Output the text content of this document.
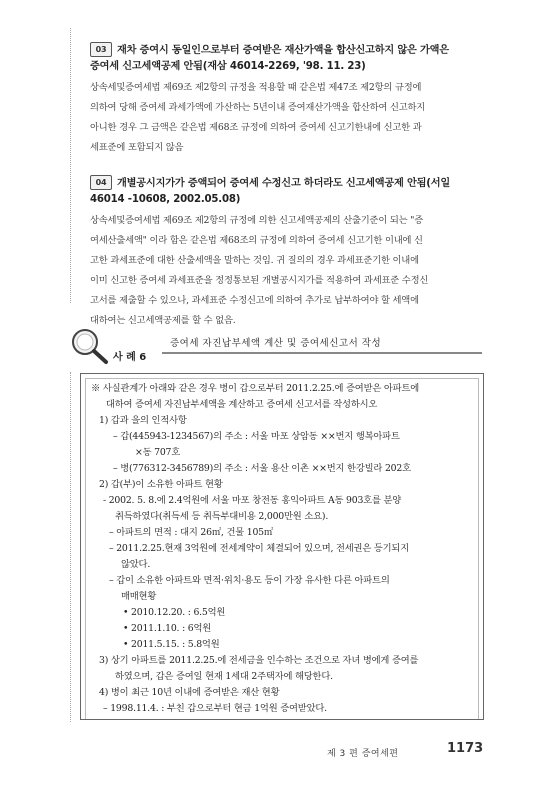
03 재차 증여시 동일인으로부터 증여받은 재산가액을 합산신고하지 않은 가액은
증여세 신고세액공제 안됨(재삼 46014-2269, '98. 11. 23)
상속세및증여세법 제69조 제2항의 규정을 적용할 때 같은법 제47조 제2항의 규정에
의하여 당해 증여세 과세가액에 가산하는 5년이내 증여재산가액을 합산하여 신고하지
아니한 경우 그 금액은 같은법 제68조 규정에 의하여 증여세 신고기한내에 신고한 과
세표준에 포함되지 않음
04 개별공시지가가 증액되어 증여세 수정신고 하더라도 신고세액공제 안됨(서일
46014 -10608, 2002.05.08)
상속세및증여세법 제69조 제2항의 규정에 의한 신고세액공제의 산출기준이 되는 "증
여세산출세액" 이라 함은 같은법 제68조의 규정에 의하여 증여세 신고기한 이내에 신
고한 과세표준에 대한 산출세액을 말하는 것임. 귀 질의의 경우 과세표준기한 이내에
이미 신고한 증여세 과세표준을 정정통보된 개별공시지가를 적용하여 과세표준 수정신
고서를 제출할 수 있으나, 과세표준 수정신고에 의하여 추가로 납부하여야 할 세액에
대하여는 신고세액공제를 할 수 없음.
증여세 자진납부세액 계산 및 증여세신고서 작성
사 례 6
※ 사실관계가 아래와 같은 경우 병이 갑으로부터 2011.2.25.에 증여받은 아파트에
대하여 증여세 자진납부세액을 계산하고 증여세 신고서를 작성하시오
1) 갑과 을의 인적사항
– 갑(445943-1234567)의 주소 : 서울 마포 상암동 ××번지 행복아파트
×동 707호
– 병(776312-3456789)의 주소 : 서울 용산 이촌 ××번지 한강빌라 202호
2) 갑(부)이 소유한 아파트 현황
- 2002. 5. 8.에 2.4억원에 서울 마포 창전동 홍익아파트 A동 903호를 분양
취득하였다(취득세 등 취득부대비용 2,000만원 소요).
– 아파트의 면적 : 대지 26㎡, 건물 105㎡
– 2011.2.25.현재 3억원에 전세계약이 체결되어 있으며, 전세권은 등기되지
않았다.
– 갑이 소유한 아파트와 면적·위치·용도 등이 가장 유사한 다른 아파트의
매매현황
• 2010.12.20. : 6.5억원
• 2011.1.10. : 6억원
• 2011.5.15. : 5.8억원
3) 상기 아파트를 2011.2.25.에 전세금을 인수하는 조건으로 자녀 병에게 증여를
하였으며, 갑은 증여일 현재 1세대 2주택자에 해당한다.
4) 병이 최근 10년 이내에 증여받은 재산 현황
– 1998.11.4. : 부친 갑으로부터 현금 1억원 증여받았다.
제 3 편 증여세편	1173
